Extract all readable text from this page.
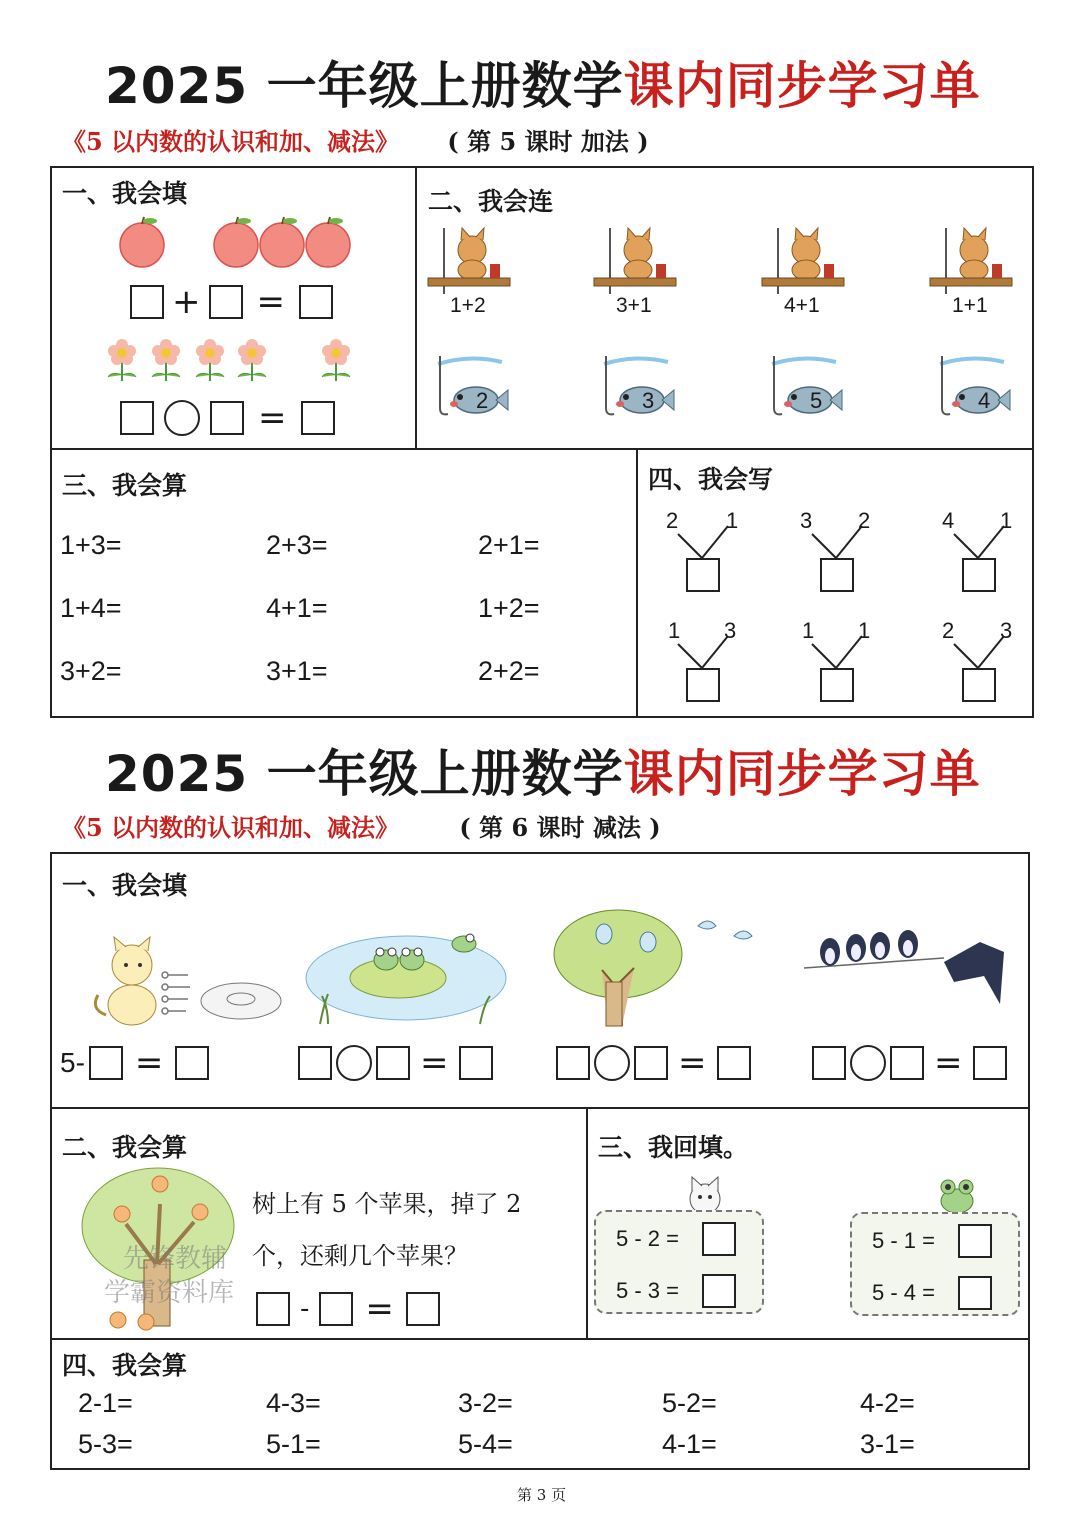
2025 一年级上册数学课内同步学习单
《5 以内数的认识和加、减法》 ( 第 5 课时 加法 )
一、我会填
+ =
=
二、我会连
1+2	3+1	4+1	1+1
2	3	5	4
三、我会算
1+3=	2+3=	2+1=
1+4=	4+1=	1+2=
3+2=	3+1=	2+2=
四、我会写
2 1	3 2	4 1
1 3	1 1	2 3
2025 一年级上册数学课内同步学习单
《5 以内数的认识和加、减法》	( 第 6 课时 减法 )
一、我会填
5- =	=	=	=
二、我会算
先锋教辅
学霸资料库
树上有 5 个苹果，掉了 2
个，还剩几个苹果？
- =
三、我回填。
5 - 2 =
5 - 3 =
5 - 1 =
5 - 4 =
四、我会算
2-1=	4-3=	3-2=	5-2=	4-2=
5-3=	5-1=	5-4=	4-1=	3-1=
第 3 页
